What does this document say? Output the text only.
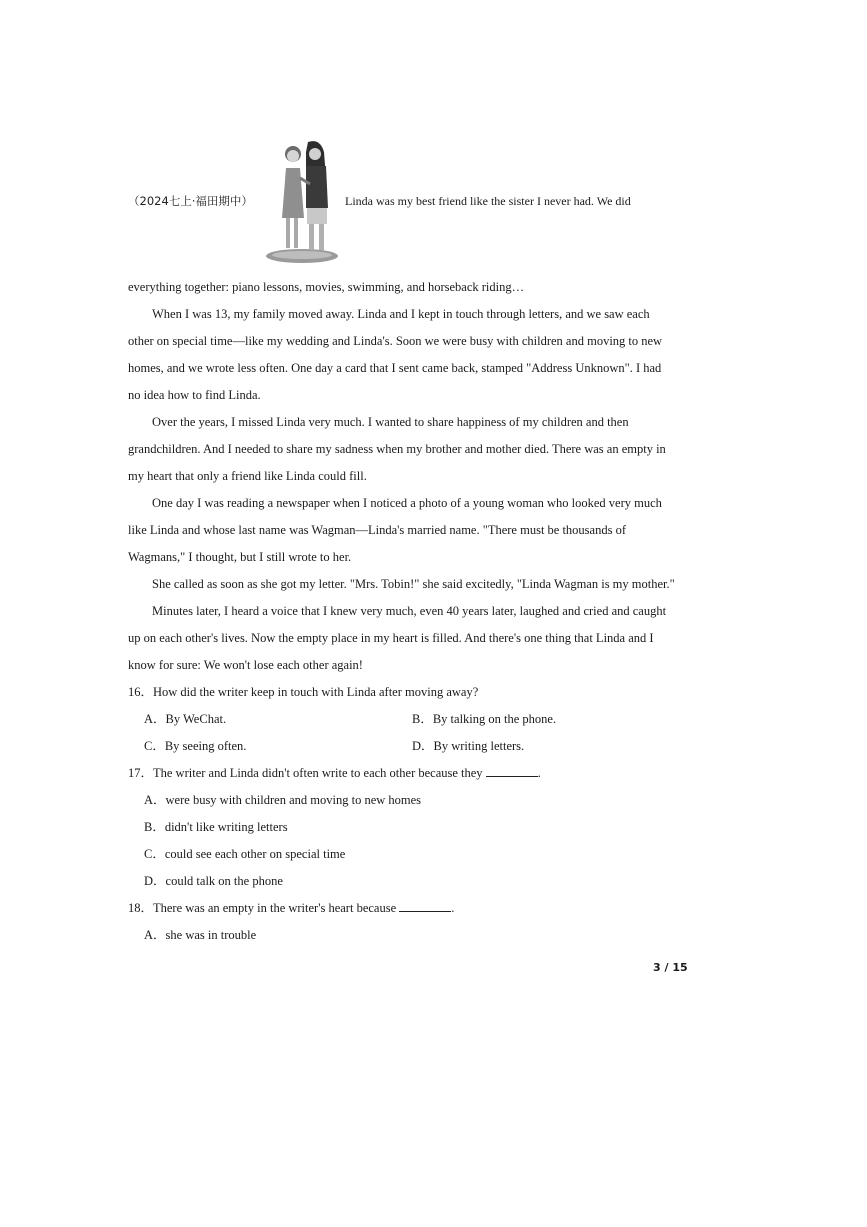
（2024七上·福田期中）	Linda was my best friend like the sister I never had. We did
everything together: piano lessons, movies, swimming, and horseback riding…
When I was 13, my family moved away. Linda and I kept in touch through letters, and we saw each
other on special time—like my wedding and Linda's. Soon we were busy with children and moving to new
homes, and we wrote less often. One day a card that I sent came back, stamped "Address Unknown". I had
no idea how to find Linda.
Over the years, I missed Linda very much. I wanted to share happiness of my children and then
grandchildren. And I needed to share my sadness when my brother and mother died. There was an empty in
my heart that only a friend like Linda could fill.
One day I was reading a newspaper when I noticed a photo of a young woman who looked very much
like Linda and whose last name was Wagman—Linda's married name. "There must be thousands of
Wagmans," I thought, but I still wrote to her.
She called as soon as she got my letter. "Mrs. Tobin!" she said excitedly, "Linda Wagman is my mother."
Minutes later, I heard a voice that I knew very much, even 40 years later, laughed and cried and caught
up on each other's lives. Now the empty place in my heart is filled. And there's one thing that Linda and I
know for sure: We won't lose each other again!
16．How did the writer keep in touch with Linda after moving away?
A．By WeChat.	B．By talking on the phone.
C．By seeing often.	D．By writing letters.
17．The writer and Linda didn't often write to each other because they	.
A．were busy with children and moving to new homes
B．didn't like writing letters
C．could see each other on special time
D．could talk on the phone
18．There was an empty in the writer's heart because	.
A．she was in trouble
3 / 15
